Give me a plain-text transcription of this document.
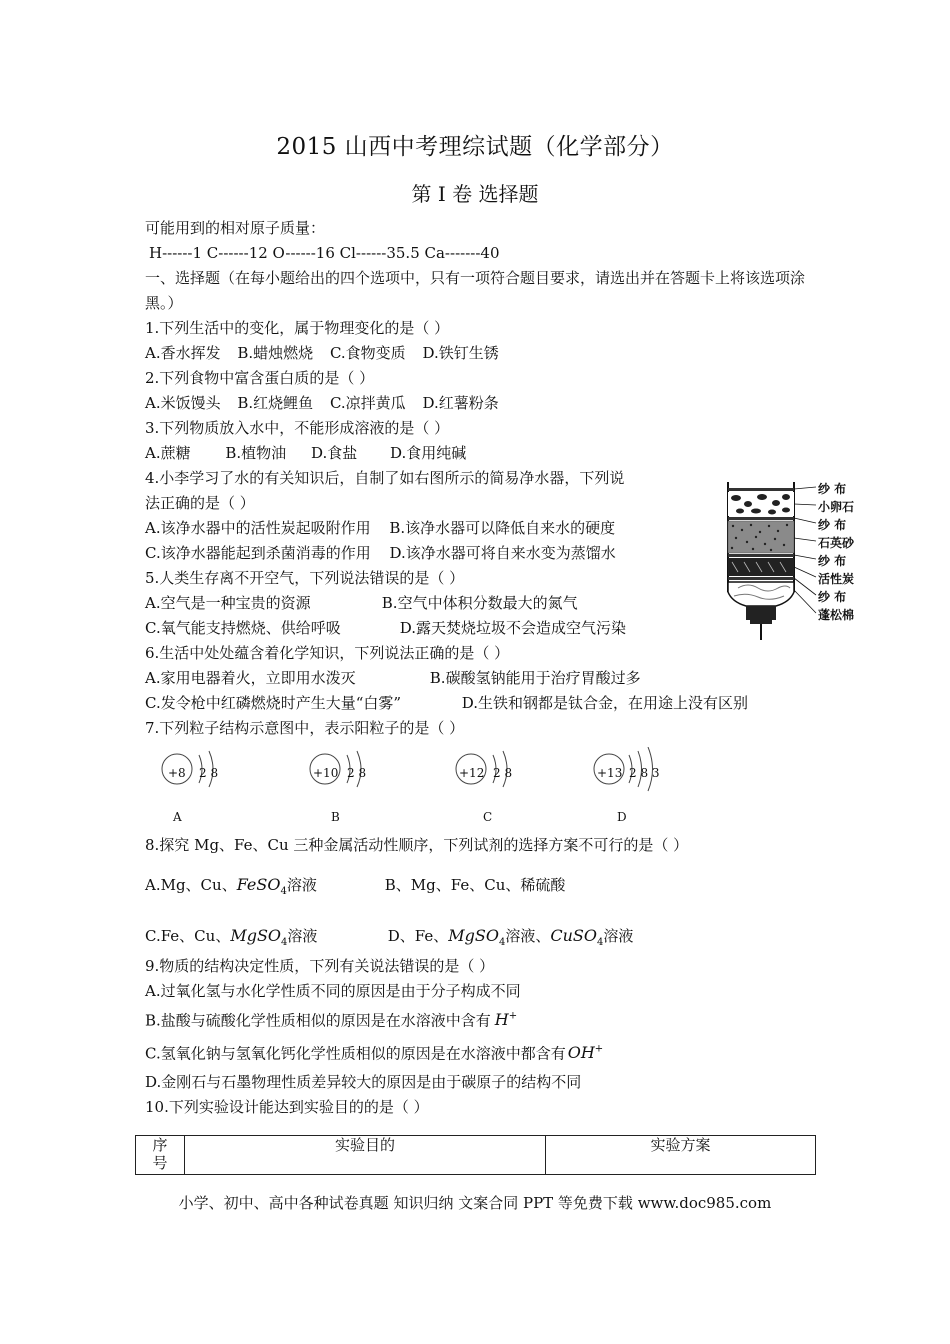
2015 山西中考理综试题（化学部分）
第 I 卷 选择题
可能用到的相对原子质量：
H------1 C------12 O------16 Cl------35.5 Ca-------40
一、选择题（在每小题给出的四个选项中，只有一项符合题目要求，请选出并在答题卡上将该选项涂黑。）
1.下列生活中的变化，属于物理变化的是（ ）
A.香水挥发 B.蜡烛燃烧 C.食物变质 D.铁钉生锈
2.下列食物中富含蛋白质的是（ ）
A.米饭馒头 B.红烧鲤鱼 C.凉拌黄瓜 D.红薯粉条
3.下列物质放入水中，不能形成溶液的是（ ）
A.蔗糖 B.植物油 D.食盐 D.食用纯碱
4.小李学习了水的有关知识后，自制了如右图所示的简易净水器，下列说
法正确的是（ ）
A.该净水器中的活性炭起吸附作用 B.该净水器可以降低自来水的硬度
C.该净水器能起到杀菌消毒的作用 D.该净水器可将自来水变为蒸馏水
5.人类生存离不开空气，下列说法错误的是（ ）
A.空气是一种宝贵的资源	B.空气中体积分数最大的氮气
C.氧气能支持燃烧、供给呼吸	D.露天焚烧垃圾不会造成空气污染
6.生活中处处蕴含着化学知识，下列说法正确的是（ ）
A.家用电器着火，立即用水泼灭	B.碳酸氢钠能用于治疗胃酸过多
C.发令枪中红磷燃烧时产生大量“白雾”	D.生铁和钢都是钛合金，在用途上没有区别
7.下列粒子结构示意图中，表示阳粒子的是（ ）
+8 2 8
A
+10 2 8
B
+12 2 8
C
+13 2 8 3
D
8.探究 Mg、Fe、Cu 三种金属活动性顺序，下列试剂的选择方案不可行的是（ ）
A.Mg、Cu、FeSO$_4$溶液	B、Mg、Fe、Cu、稀硫酸
C.Fe、Cu、MgSO$_4$溶液	D、Fe、MgSO$_4$溶液、CuSO$_4$溶液
9.物质的结构决定性质，下列有关说法错误的是（ ）
A.过氧化氢与水化学性质不同的原因是由于分子构成不同
B.盐酸与硫酸化学性质相似的原因是在水溶液中含有 H+
C.氢氧化钠与氢氧化钙化学性质相似的原因是在水溶液中都含有 OH+
D.金刚石与石墨物理性质差异较大的原因是由于碳原子的结构不同
10.下列实验设计能达到实验目的的是（ ）
纱 布
小卵石
纱 布
石英砂
纱 布
活性炭
纱 布
蓬松棉
序号	实验目的	实验方案
小学、初中、高中各种试卷真题 知识归纳 文案合同 PPT 等免费下载 www.doc985.com
